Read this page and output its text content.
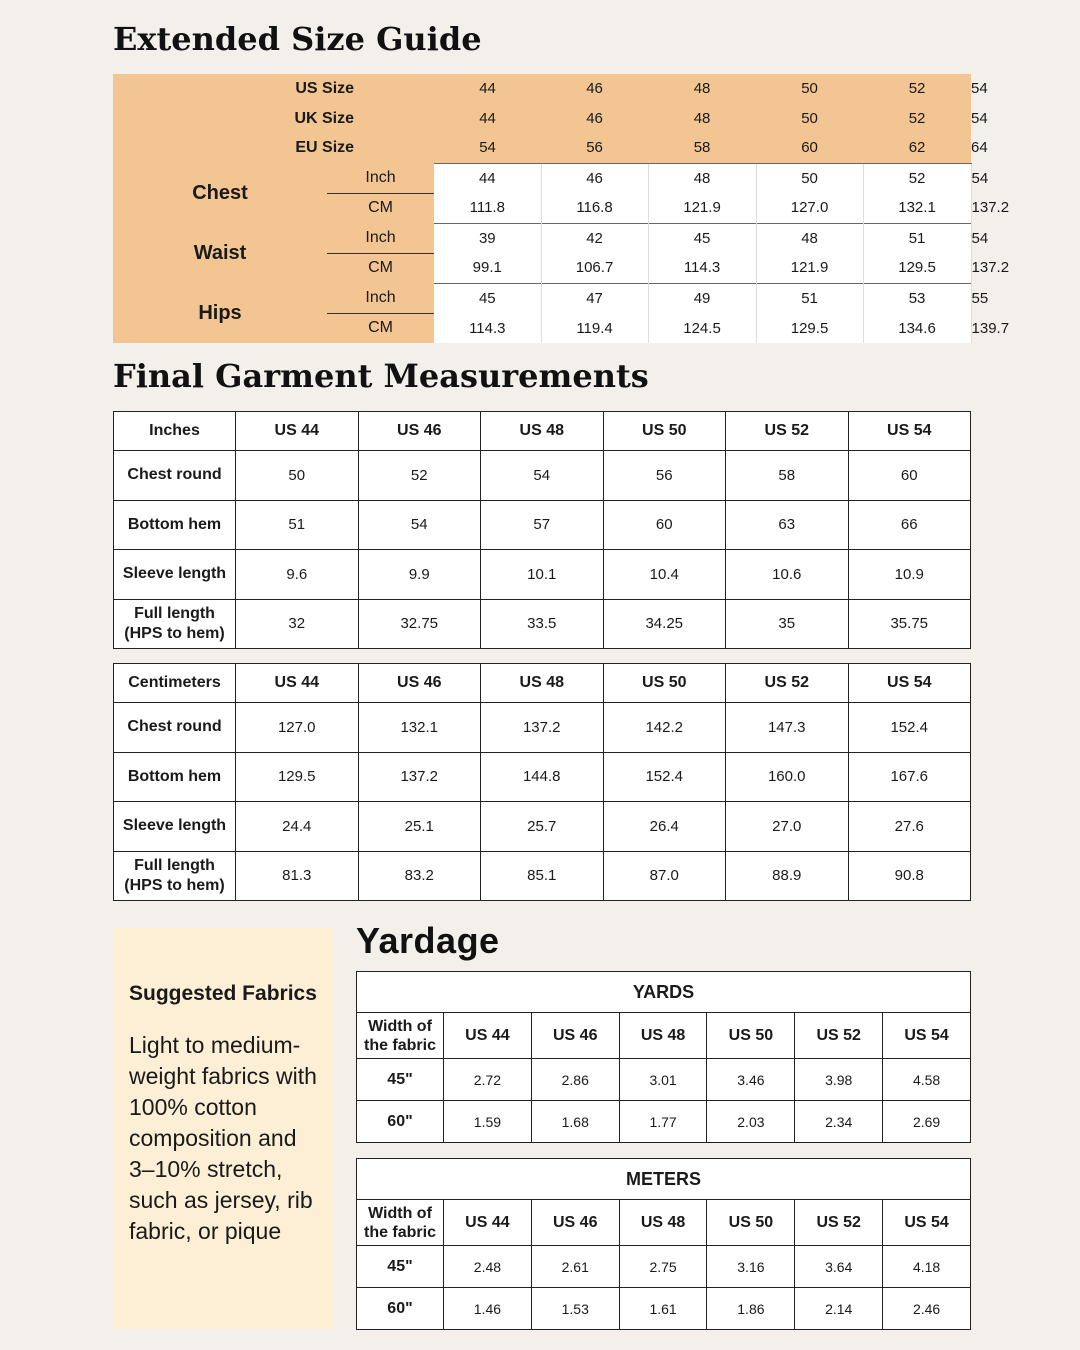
Extended Size Guide
US Size		44	46	48	50	52	54
UK Size		44	46	48	50	52	54
EU Size		54	56	58	60	62	64
Chest	Inch	44	46	48	50	52	54
	CM	111.8	116.8	121.9	127.0	132.1	137.2
Waist	Inch	39	42	45	48	51	54
	CM	99.1	106.7	114.3	121.9	129.5	137.2
Hips	Inch	45	47	49	51	53	55
	CM	114.3	119.4	124.5	129.5	134.6	139.7
Final Garment Measurements
Inches	US 44	US 46	US 48	US 50	US 52	US 54

Chest round	50	52	54	56	58	60

Bottom hem	51	54	57	60	63	66

Sleeve length	9.6	9.9	10.1	10.4	10.6	10.9

Full length
(HPS to hem)	32	32.75	33.5	34.25	35	35.75
Centimeters	US 44	US 46	US 48	US 50	US 52	US 54

Chest round	127.0	132.1	137.2	142.2	147.3	152.4

Bottom hem	129.5	137.2	144.8	152.4	160.0	167.6

Sleeve length	24.4	25.1	25.7	26.4	27.0	27.6

Full length
(HPS to hem)	81.3	83.2	85.1	87.0	88.9	90.8
Suggested Fabrics
Light to medium-weight fabrics with 100% cotton composition and 3–10% stretch, such as jersey, rib fabric, or pique
Yardage
YARDS						

Width of
the fabric	US 44	US 46	US 48	US 50	US 52	US 54
45"	2.72	2.86	3.01	3.46	3.98	4.58
60"	1.59	1.68	1.77	2.03	2.34	2.69
METERS						

Width of
the fabric	US 44	US 46	US 48	US 50	US 52	US 54
45"	2.48	2.61	2.75	3.16	3.64	4.18
60"	1.46	1.53	1.61	1.86	2.14	2.46
